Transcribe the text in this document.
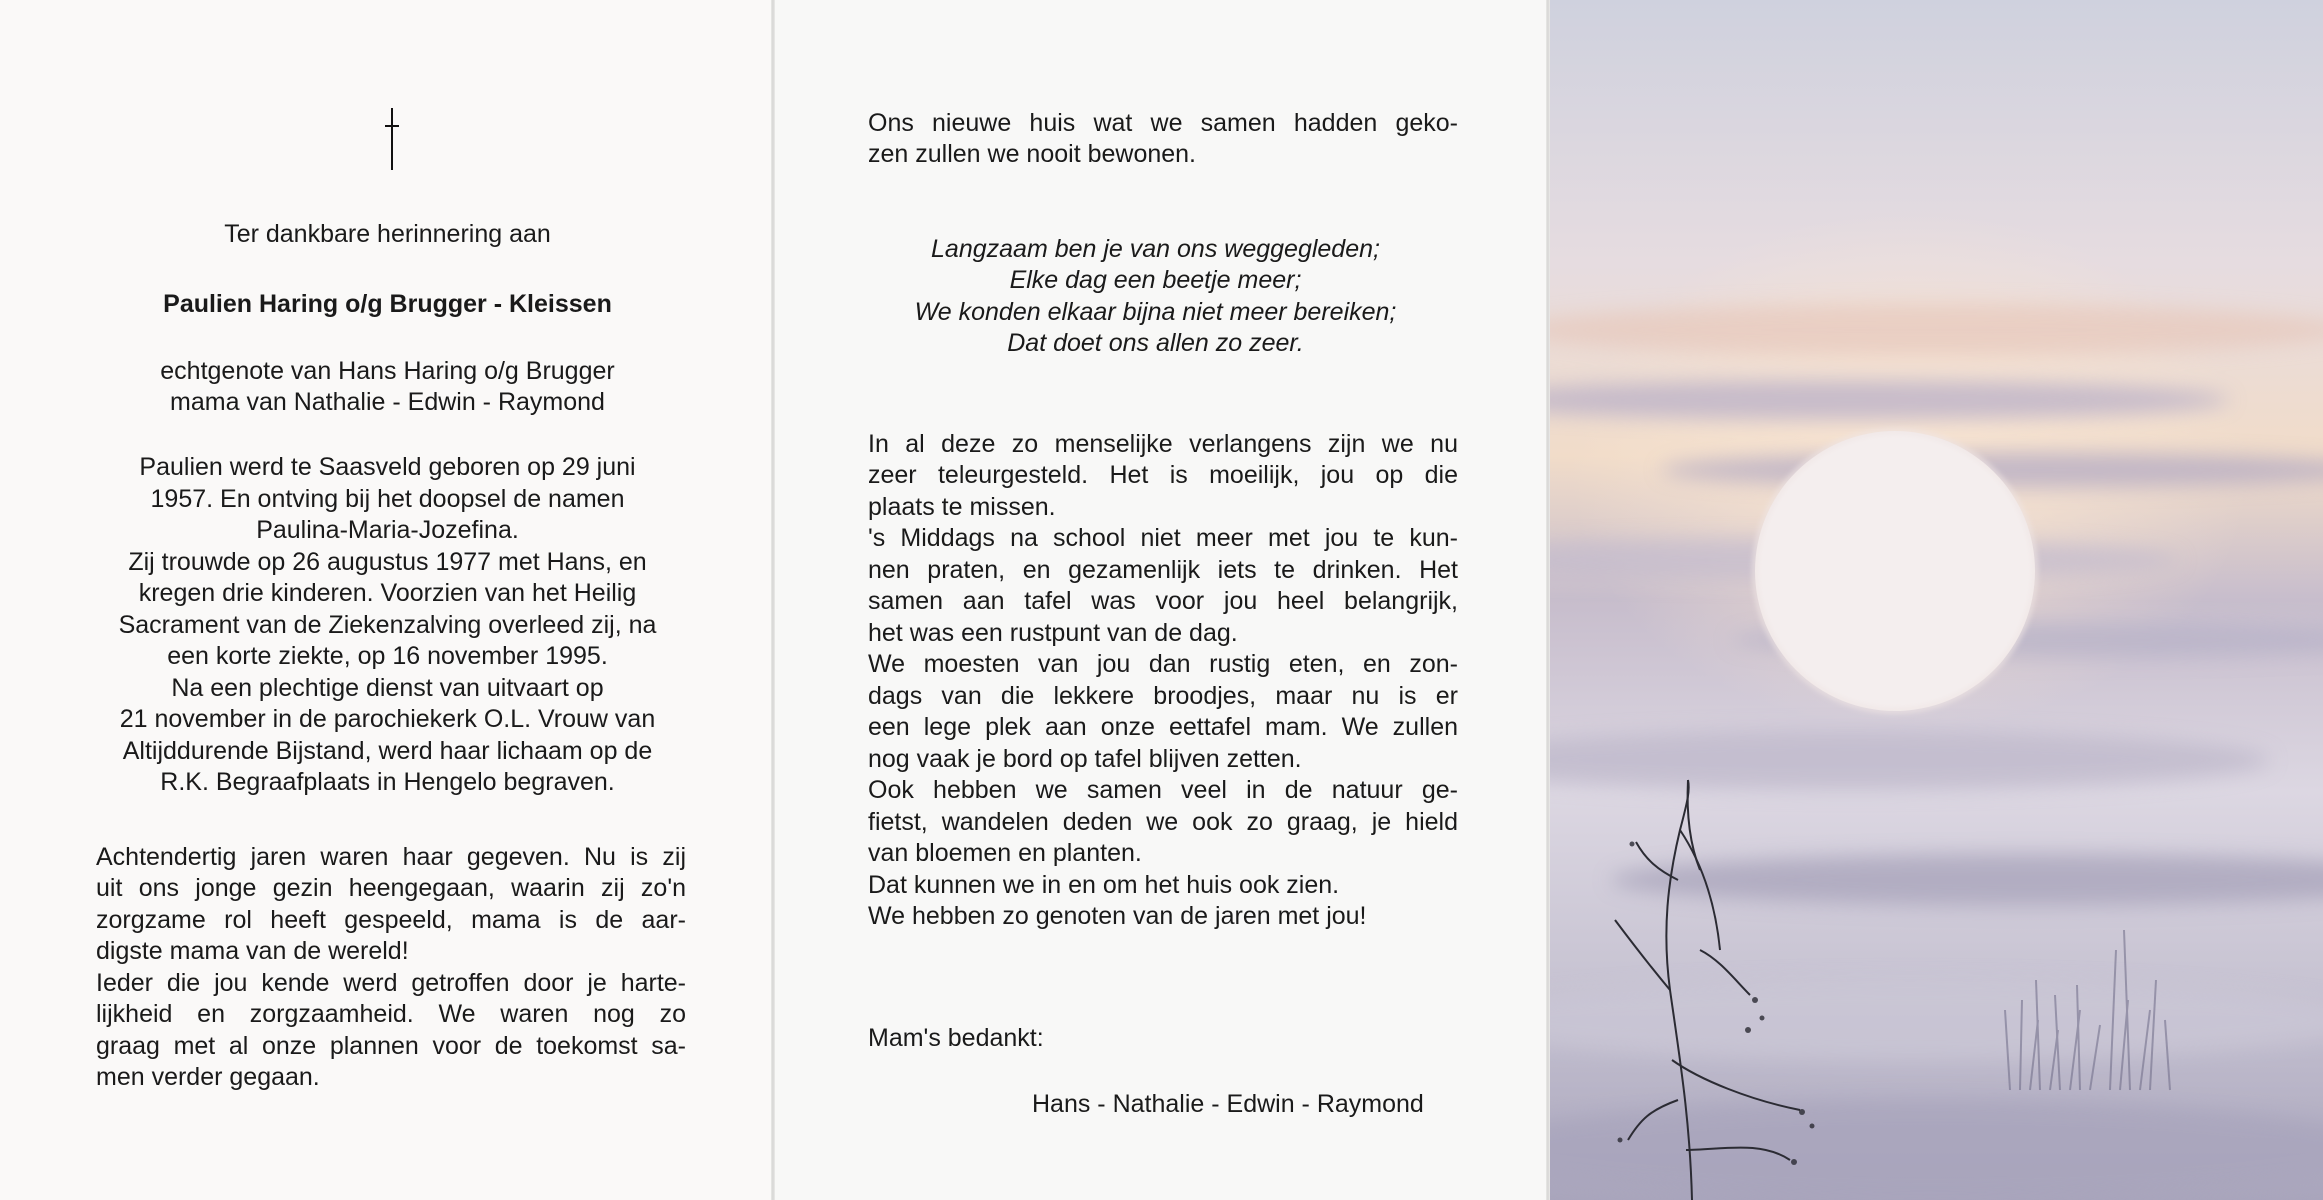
Ter dankbare herinnering aan
Paulien Haring o/g Brugger - Kleissen
echtgenote van Hans Haring o/g Brugger
mama van Nathalie - Edwin - Raymond
Paulien werd te Saasveld geboren op 29 juni
1957. En ontving bij het doopsel de namen
Paulina-Maria-Jozefina.
Zij trouwde op 26 augustus 1977 met Hans, en
kregen drie kinderen. Voorzien van het Heilig
Sacrament van de Ziekenzalving overleed zij, na
een korte ziekte, op 16 november 1995.
Na een plechtige dienst van uitvaart op
21 november in de parochiekerk O.L. Vrouw van
Altijddurende Bijstand, werd haar lichaam op de
R.K. Begraafplaats in Hengelo begraven.
Achtendertig jaren waren haar gegeven. Nu is zij
uit ons jonge gezin heengegaan, waarin zij zo'n
zorgzame rol heeft gespeeld, mama is de aar-
digste mama van de wereld!
Ieder die jou kende werd getroffen door je harte-
lijkheid en zorgzaamheid. We waren nog zo
graag met al onze plannen voor de toekomst sa-
men verder gegaan.
Ons nieuwe huis wat we samen hadden geko-
zen zullen we nooit bewonen.
Langzaam ben je van ons weggegleden;
Elke dag een beetje meer;
We konden elkaar bijna niet meer bereiken;
Dat doet ons allen zo zeer.
In al deze zo menselijke verlangens zijn we nu
zeer teleurgesteld. Het is moeilijk, jou op die
plaats te missen.
's Middags na school niet meer met jou te kun-
nen praten, en gezamenlijk iets te drinken. Het
samen aan tafel was voor jou heel belangrijk,
het was een rustpunt van de dag.
We moesten van jou dan rustig eten, en zon-
dags van die lekkere broodjes, maar nu is er
een lege plek aan onze eettafel mam. We zullen
nog vaak je bord op tafel blijven zetten.
Ook hebben we samen veel in de natuur ge-
fietst, wandelen deden we ook zo graag, je hield
van bloemen en planten.
Dat kunnen we in en om het huis ook zien.
We hebben zo genoten van de jaren met jou!
Mam's bedankt:
Hans - Nathalie - Edwin - Raymond
